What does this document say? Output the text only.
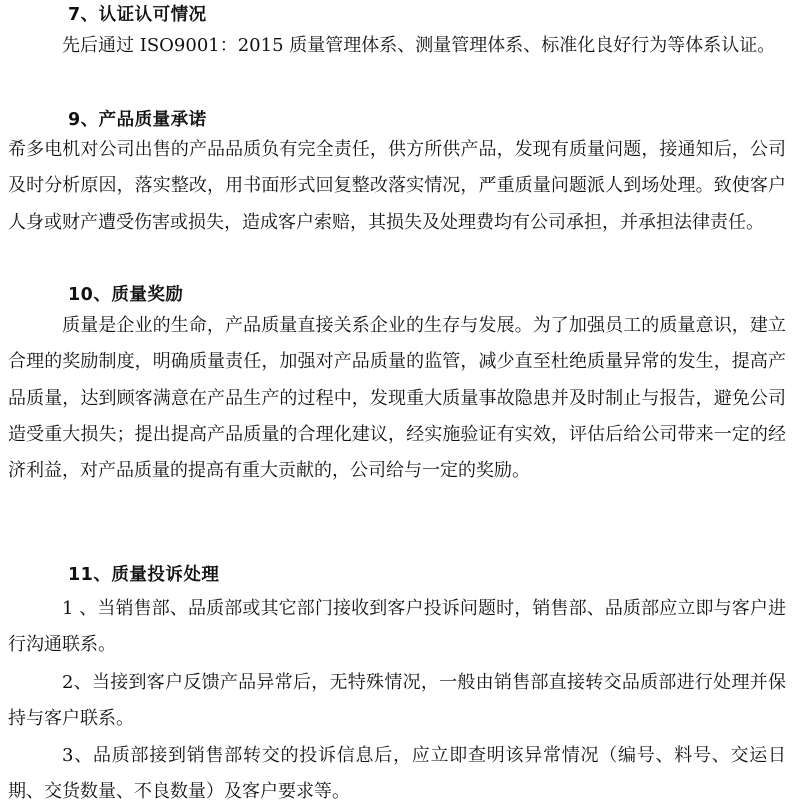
7、认证认可情况

先后通过 ISO9001：2015 质量管理体系、测量管理体系、标准化良好行为等体系认证。

9、产品质量承诺

希多电机对公司出售的产品品质负有完全责任，供方所供产品，发现有质量问题，接通知后，公司及时分析原因，落实整改，用书面形式回复整改落实情况，严重质量问题派人到场处理。致使客户人身或财产遭受伤害或损失，造成客户索赔，其损失及处理费均有公司承担，并承担法律责任。

10、质量奖励

质量是企业的生命，产品质量直接关系企业的生存与发展。为了加强员工的质量意识，建立合理的奖励制度，明确质量责任，加强对产品质量的监管，减少直至杜绝质量异常的发生，提高产品质量，达到顾客满意在产品生产的过程中，发现重大质量事故隐患并及时制止与报告，避免公司造受重大损失；提出提高产品质量的合理化建议，经实施验证有实效，评估后给公司带来一定的经济利益，对产品质量的提高有重大贡献的，公司给与一定的奖励。

11、质量投诉处理

1 、当销售部、品质部或其它部门接收到客户投诉问题时，销售部、品质部应立即与客户进行沟通联系。

2、当接到客户反馈产品异常后，无特殊情况，一般由销售部直接转交品质部进行处理并保持与客户联系。

3、品质部接到销售部转交的投诉信息后，应立即查明该异常情况（编号、料号、交运日期、交货数量、不良数量）及客户要求等。
